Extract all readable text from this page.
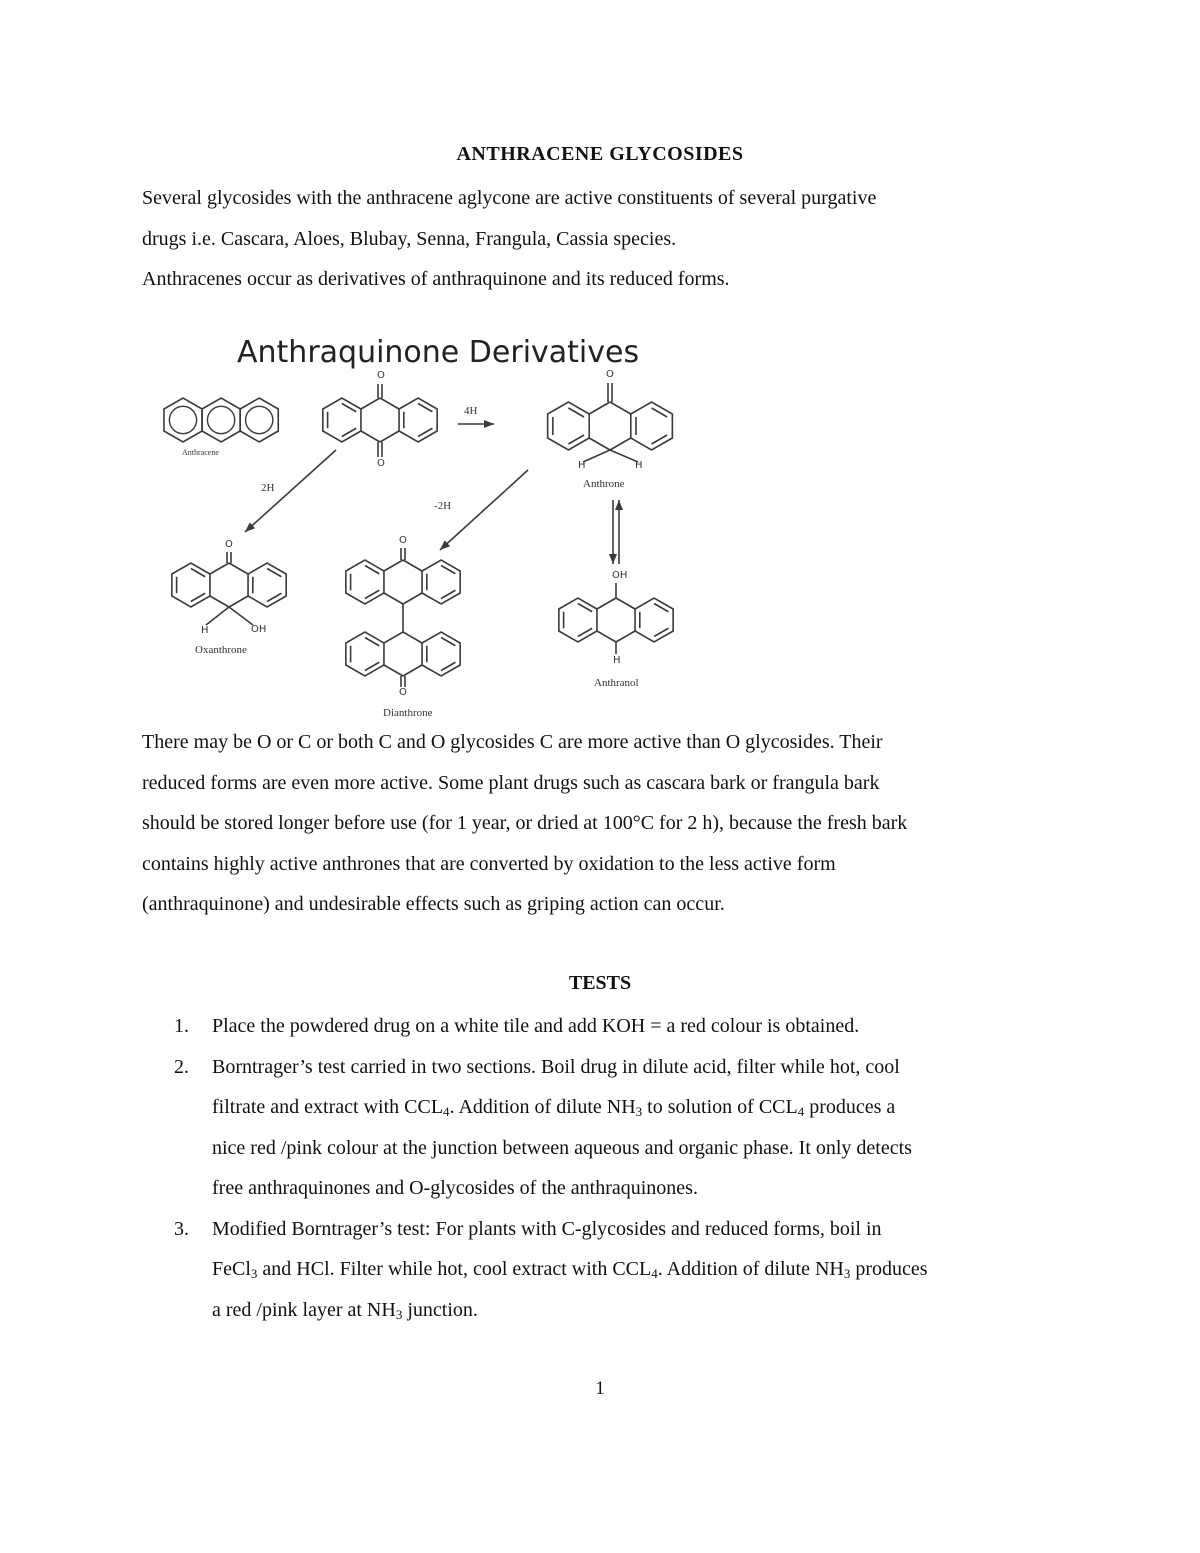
ANTHRACENE GLYCOSIDES

Several glycosides with the anthracene aglycone are active constituents of several purgative

drugs i.e. Cascara, Aloes, Blubay, Senna, Frangula, Cassia species.

Anthracenes occur as derivatives of anthraquinone and its reduced forms.

Anthraquinone Derivatives
Anthracene
Anthrone
Oxanthrone
Dianthrone
Anthranol
4H
2H
-2H
O
O
O
H	H
O
H	OH
O
O
OH
H

There may be O or C or both C and O glycosides C are more active than O glycosides. Their

reduced forms are even more active. Some plant drugs such as cascara bark or frangula bark

should be stored longer before use (for 1 year, or dried at 100°C for 2 h), because the fresh bark

contains highly active anthrones that are converted by oxidation to the less active form

(anthraquinone) and undesirable effects such as griping action can occur.

TESTS
1. Place the powdered drug on a white tile and add KOH = a red colour is obtained.
2. Borntrager’s test carried in two sections. Boil drug in dilute acid, filter while hot, cool
filtrate and extract with $CCL_4$. Addition of dilute $NH_3$ to solution of $CCL_4$ produces a
nice red /pink colour at the junction between aqueous and organic phase. It only detects
free anthraquinones and O-glycosides of the anthraquinones.
3. Modified Borntrager’s test: For plants with C-glycosides and reduced forms, boil in
FeCl$_3$ and HCl. Filter while hot, cool extract with $CCL_4$. Addition of dilute $NH_3$ produces
a red /pink layer at $NH_3$ junction.
1
